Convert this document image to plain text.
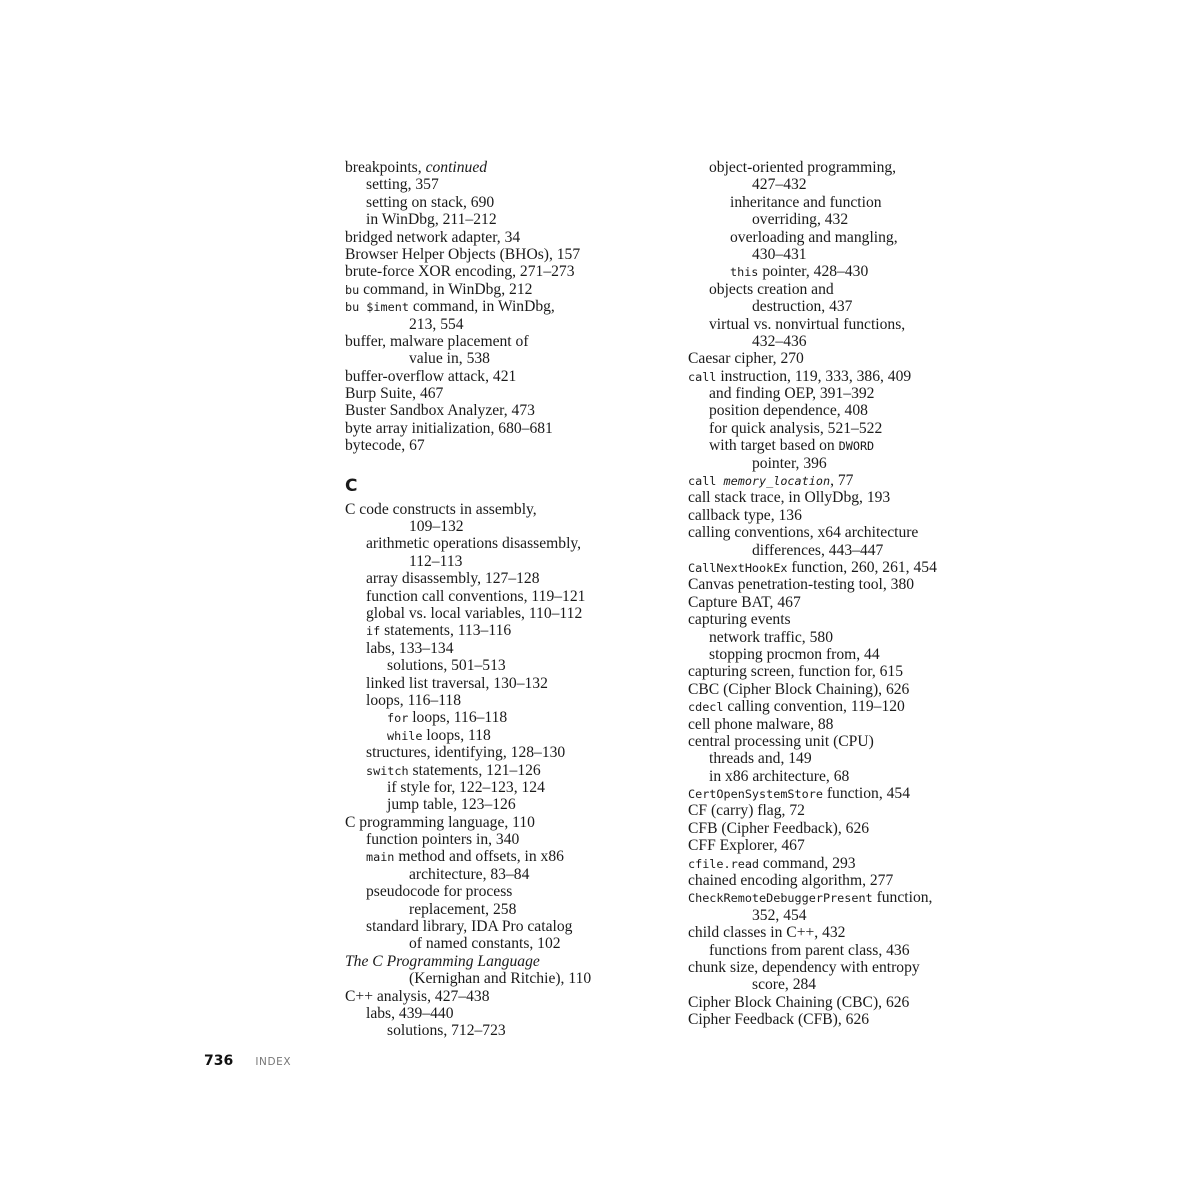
breakpoints, continued
setting, 357
setting on stack, 690
in WinDbg, 211–212
bridged network adapter, 34
Browser Helper Objects (BHOs), 157
brute-force XOR encoding, 271–273
bu command, in WinDbg, 212
bu $iment command, in WinDbg,
213, 554
buffer, malware placement of
value in, 538
buffer-overflow attack, 421
Burp Suite, 467
Buster Sandbox Analyzer, 473
byte array initialization, 680–681
bytecode, 67
C
C code constructs in assembly,
109–132
arithmetic operations disassembly,
112–113
array disassembly, 127–128
function call conventions, 119–121
global vs. local variables, 110–112
if statements, 113–116
labs, 133–134
solutions, 501–513
linked list traversal, 130–132
loops, 116–118
for loops, 116–118
while loops, 118
structures, identifying, 128–130
switch statements, 121–126
if style for, 122–123, 124
jump table, 123–126
C programming language, 110
function pointers in, 340
main method and offsets, in x86
architecture, 83–84
pseudocode for process
replacement, 258
standard library, IDA Pro catalog
of named constants, 102
The C Programming Language
(Kernighan and Ritchie), 110
C++ analysis, 427–438
labs, 439–440
solutions, 712–723
object-oriented programming,
427–432
inheritance and function
overriding, 432
overloading and mangling,
430–431
this pointer, 428–430
objects creation and
destruction, 437
virtual vs. nonvirtual functions,
432–436
Caesar cipher, 270
call instruction, 119, 333, 386, 409
and finding OEP, 391–392
position dependence, 408
for quick analysis, 521–522
with target based on DWORD
pointer, 396
call memory_location, 77
call stack trace, in OllyDbg, 193
callback type, 136
calling conventions, x64 architecture
differences, 443–447
CallNextHookEx function, 260, 261, 454
Canvas penetration-testing tool, 380
Capture BAT, 467
capturing events
network traffic, 580
stopping procmon from, 44
capturing screen, function for, 615
CBC (Cipher Block Chaining), 626
cdecl calling convention, 119–120
cell phone malware, 88
central processing unit (CPU)
threads and, 149
in x86 architecture, 68
CertOpenSystemStore function, 454
CF (carry) flag, 72
CFB (Cipher Feedback), 626
CFF Explorer, 467
cfile.read command, 293
chained encoding algorithm, 277
CheckRemoteDebuggerPresent function,
352, 454
child classes in C++, 432
functions from parent class, 436
chunk size, dependency with entropy
score, 284
Cipher Block Chaining (CBC), 626
Cipher Feedback (CFB), 626
736 INDEX
